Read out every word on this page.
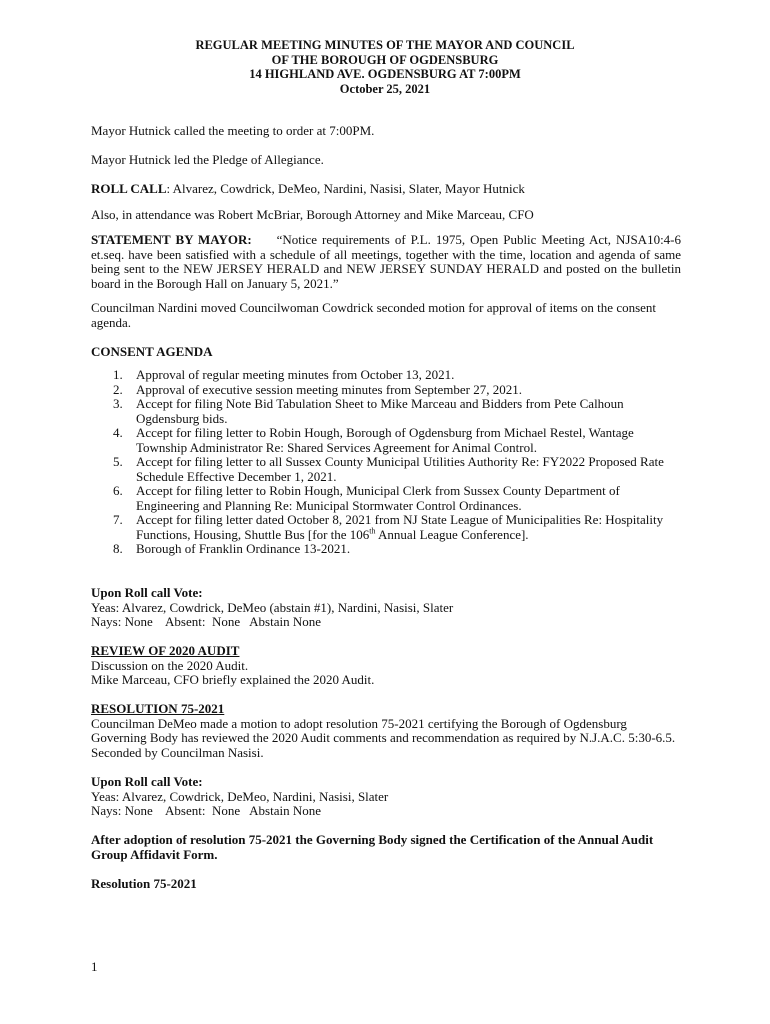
REGULAR MEETING MINUTES OF THE MAYOR AND COUNCIL
OF THE BOROUGH OF OGDENSBURG
14 HIGHLAND AVE. OGDENSBURG AT 7:00PM
October 25, 2021

Mayor Hutnick called the meeting to order at 7:00PM.

Mayor Hutnick led the Pledge of Allegiance.

ROLL CALL: Alvarez, Cowdrick, DeMeo, Nardini, Nasisi, Slater, Mayor Hutnick

Also, in attendance was Robert McBriar, Borough Attorney and Mike Marceau, CFO

STATEMENT BY MAYOR: “Notice requirements of P.L. 1975, Open Public Meeting Act, NJSA10:4-6 et.seq. have been satisfied with a schedule of all meetings, together with the time, location and agenda of same being sent to the NEW JERSEY HERALD and NEW JERSEY SUNDAY HERALD and posted on the bulletin board in the Borough Hall on January 5, 2021.”

Councilman Nardini moved Councilwoman Cowdrick seconded motion for approval of items on the consent agenda.

CONSENT AGENDA

1. Approval of regular meeting minutes from October 13, 2021.
2. Approval of executive session meeting minutes from September 27, 2021.
3. Accept for filing Note Bid Tabulation Sheet to Mike Marceau and Bidders from Pete Calhoun Ogdensburg bids.
4. Accept for filing letter to Robin Hough, Borough of Ogdensburg from Michael Restel, Wantage Township Administrator Re: Shared Services Agreement for Animal Control.
5. Accept for filing letter to all Sussex County Municipal Utilities Authority Re: FY2022 Proposed Rate Schedule Effective December 1, 2021.
6. Accept for filing letter to Robin Hough, Municipal Clerk from Sussex County Department of Engineering and Planning Re: Municipal Stormwater Control Ordinances.
7. Accept for filing letter dated October 8, 2021 from NJ State League of Municipalities Re: Hospitality Functions, Housing, Shuttle Bus [for the 106th Annual League Conference].
8. Borough of Franklin Ordinance 13-2021.
Upon Roll call Vote:
Yeas: Alvarez, Cowdrick, DeMeo (abstain #1), Nardini, Nasisi, Slater
Nays: None    Absent:  None   Abstain None
REVIEW OF 2020 AUDIT
Discussion on the 2020 Audit.
Mike Marceau, CFO briefly explained the 2020 Audit.
RESOLUTION 75-2021
Councilman DeMeo made a motion to adopt resolution 75-2021 certifying the Borough of Ogdensburg Governing Body has reviewed the 2020 Audit comments and recommendation as required by N.J.A.C. 5:30-6.5. Seconded by Councilman Nasisi.
Upon Roll call Vote:
Yeas: Alvarez, Cowdrick, DeMeo, Nardini, Nasisi, Slater
Nays: None    Absent:  None   Abstain None

After adoption of resolution 75-2021 the Governing Body signed the Certification of the Annual Audit Group Affidavit Form.

Resolution 75-2021

1
